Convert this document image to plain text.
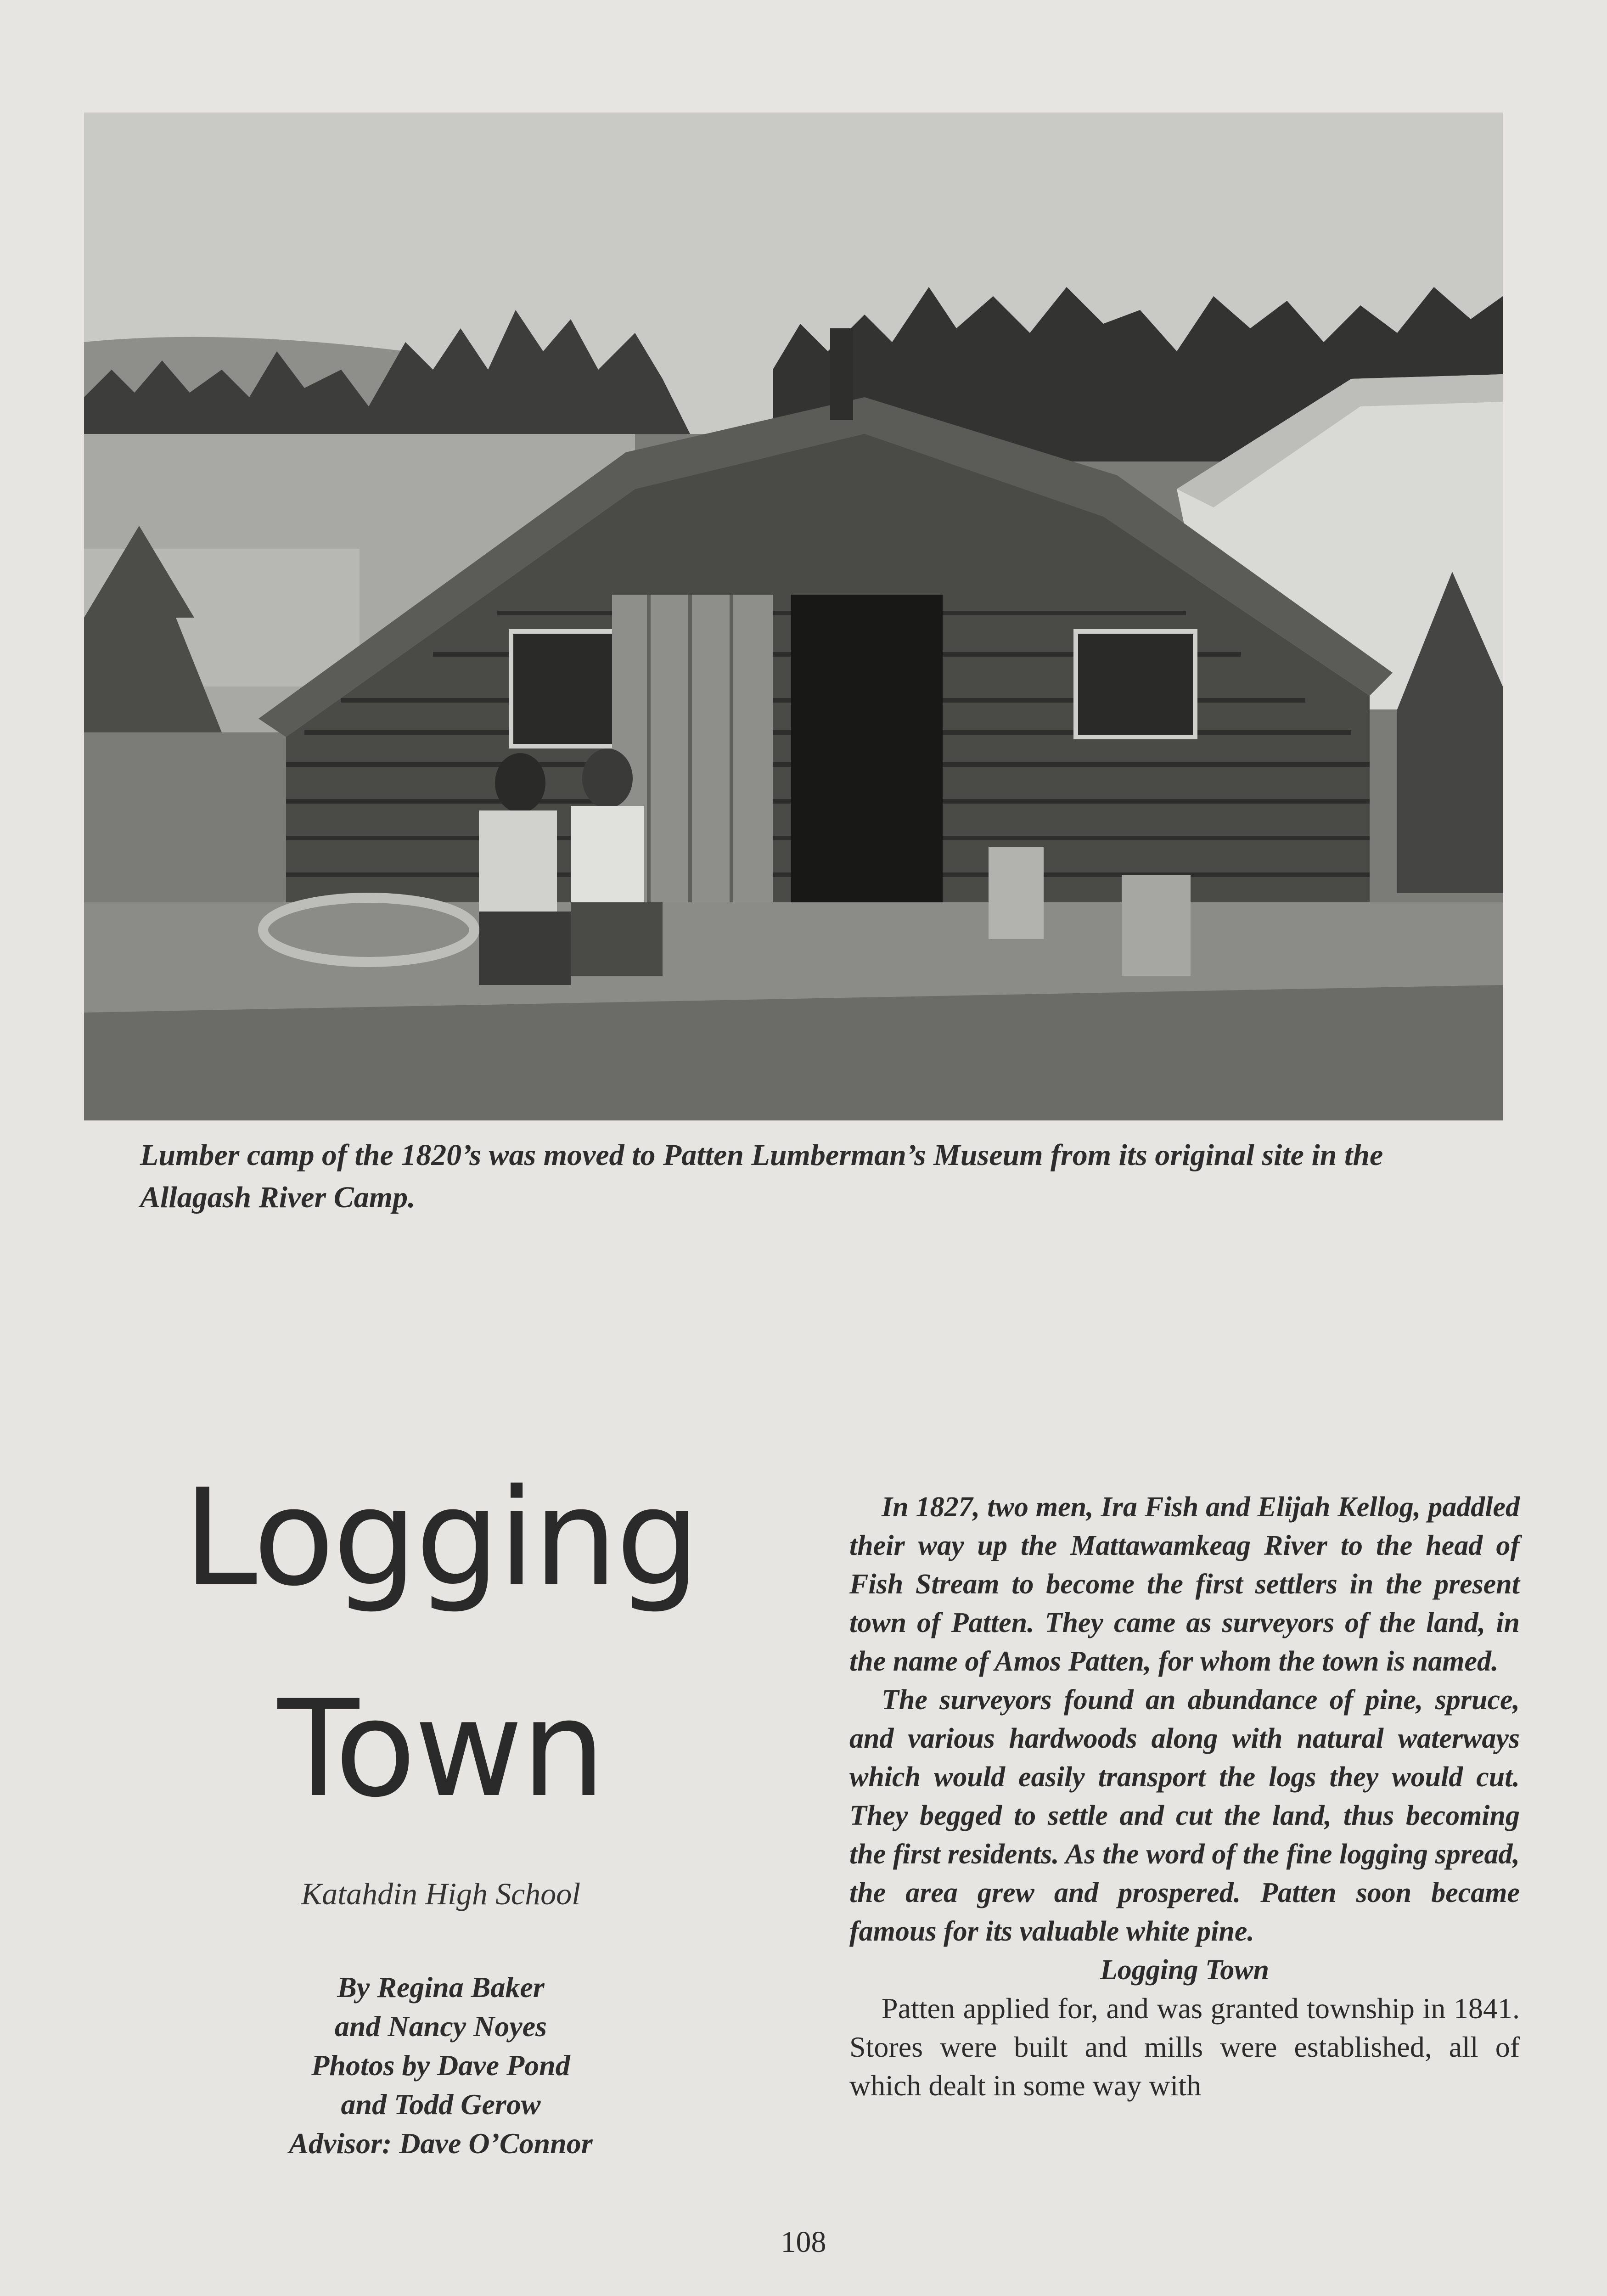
Lumber camp of the 1820’s was moved to Patten Lumberman’s Museum from its original site in the Allagash River Camp.
Logging
Town
Katahdin High School
By Regina Baker
and Nancy Noyes
Photos by Dave Pond
and Todd Gerow
Advisor: Dave O’Connor

In 1827, two men, Ira Fish and Elijah Kellog, paddled their way up the Mattawamkeag River to the head of Fish Stream to become the first settlers in the present town of Patten. They came as surveyors of the land, in the name of Amos Patten, for whom the town is named.

The surveyors found an abundance of pine, spruce, and various hardwoods along with natural waterways which would easily transport the logs they would cut. They begged to settle and cut the land, thus becoming the first residents. As the word of the fine logging spread, the area grew and prospered. Patten soon became famous for its valuable white pine.

Logging Town

Patten applied for, and was granted township in 1841. Stores were built and mills were established, all of which dealt in some way with

108
